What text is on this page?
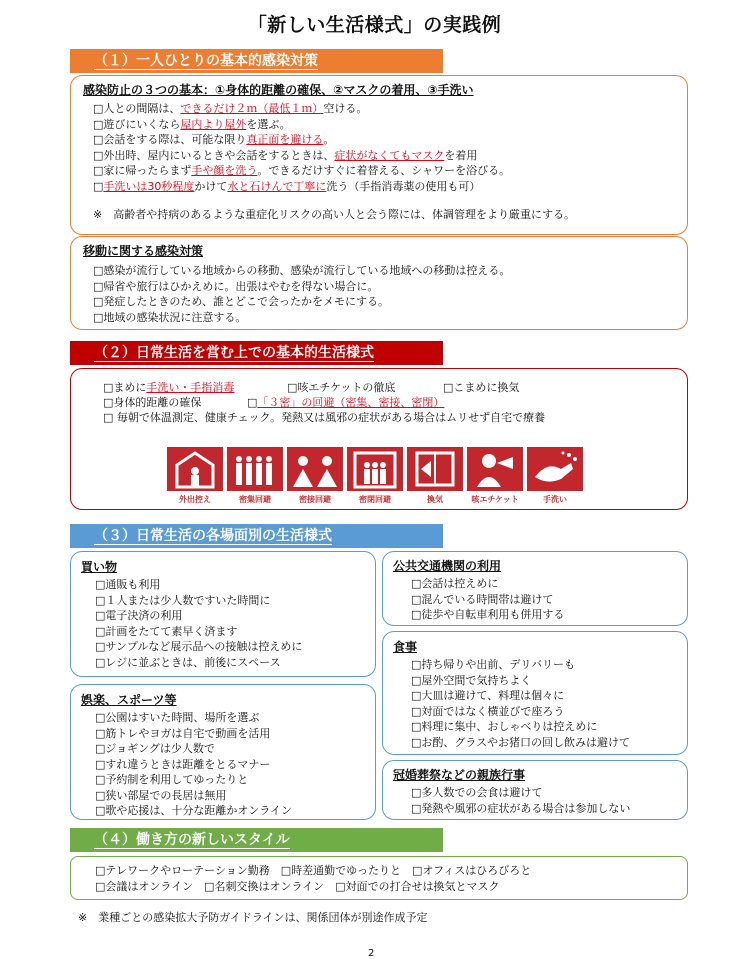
「新しい生活様式」の実践例
（１）一人ひとりの基本的感染対策
感染防止の３つの基本：①身体的距離の確保、②マスクの着用、③手洗い
□人との間隔は、できるだけ２ｍ（最低１ｍ）空ける。
□遊びにいくなら屋内より屋外を選ぶ。
□会話をする際は、可能な限り真正面を避ける。
□外出時、屋内にいるときや会話をするときは、症状がなくてもマスクを着用
□家に帰ったらまず手や顔を洗う。できるだけすぐに着替える、シャワーを浴びる。
□手洗いは30秒程度かけて水と石けんで丁寧に洗う（手指消毒薬の使用も可）
※　高齢者や持病のあるような重症化リスクの高い人と会う際には、体調管理をより厳重にする。
移動に関する感染対策
□感染が流行している地域からの移動、感染が流行している地域への移動は控える。
□帰省や旅行はひかえめに。出張はやむを得ない場合に。
□発症したときのため、誰とどこで会ったかをメモにする。
□地域の感染状況に注意する。
（２）日常生活を営む上での基本的生活様式
□まめに手洗い・手指消毒	□咳エチケットの徹底	□こまめに換気
□身体的距離の確保	□「３密」の回避（密集、密接、密閉）
□ 毎朝で体温測定、健康チェック。発熱又は風邪の症状がある場合はムリせず自宅で療養
外出控え	密集回避	密接回避	密閉回避	換気	咳エチケット	手洗い
（３）日常生活の各場面別の生活様式
買い物
□通販も利用
□１人または少人数ですいた時間に
□電子決済の利用
□計画をたてて素早く済ます
□サンプルなど展示品への接触は控えめに
□レジに並ぶときは、前後にスペース
娯楽、スポーツ等
□公園はすいた時間、場所を選ぶ
□筋トレやヨガは自宅で動画を活用
□ジョギングは少人数で
□すれ違うときは距離をとるマナー
□予約制を利用してゆったりと
□狭い部屋での長居は無用
□歌や応援は、十分な距離かオンライン
公共交通機関の利用
□会話は控えめに
□混んでいる時間帯は避けて
□徒歩や自転車利用も併用する
食事
□持ち帰りや出前、デリバリーも
□屋外空間で気持ちよく
□大皿は避けて、料理は個々に
□対面ではなく横並びで座ろう
□料理に集中、おしゃべりは控えめに
□お酌、グラスやお猪口の回し飲みは避けて
冠婚葬祭などの親族行事
□多人数での会食は避けて
□発熱や風邪の症状がある場合は参加しない
（４）働き方の新しいスタイル
□テレワークやローテーション勤務　□時差通勤でゆったりと　□オフィスはひろびろと
□会議はオンライン　□名刺交換はオンライン　□対面での打合せは換気とマスク
※　業種ごとの感染拡大予防ガイドラインは、関係団体が別途作成予定
2
